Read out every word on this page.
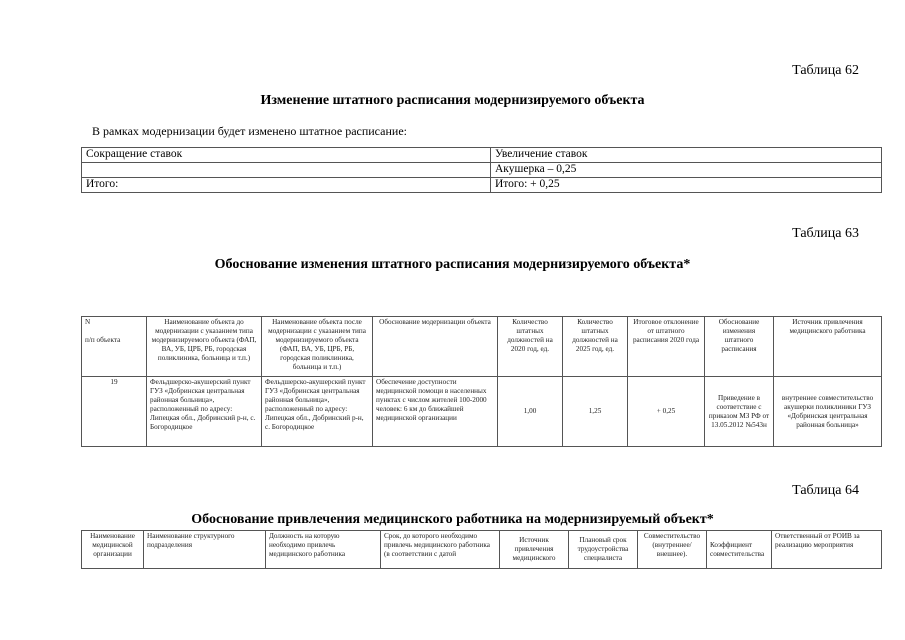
Таблица 62
Изменение штатного расписания модернизируемого объекта
В рамках модернизации будет изменено штатное расписание:
Сокращение ставок	Увеличение ставок
	Акушерка – 0,25
Итого:	Итого: + 0,25
Таблица 63
Обоснование изменения штатного расписания модернизируемого объекта*
N

п/п объекта	Наименование объекта до модернизации с указанием типа модернизируемого объекта (ФАП, ВА, УБ, ЦРБ, РБ, городская поликлиника, больница и т.п.)	Наименование объекта после модернизации с указанием типа модернизируемого объекта (ФАП, ВА, УБ, ЦРБ, РБ, городская поликлиника, больница и т.п.)	Обоснование модернизации объекта	Количество штатных должностей на 2020 год, ед.	Количество штатных должностей на 2025 год, ед.	Итоговое отклонение от штатного расписания 2020 года	Обоснование изменения штатного расписания	Источник привлечения медицинского работника
19	Фельдшерско-акушерский пункт ГУЗ «Добринская центральная районная больница», расположенный по адресу: Липецкая обл., Добринский р-н, с. Богородицкое	Фельдшерско-акушерский пункт ГУЗ «Добринская центральная районная больница», расположенный по адресу: Липецкая обл., Добринский р-н, с. Богородицкое	Обеспечение доступности медицинской помощи в населенных пунктах с числом жителей 100-2000 человек: 6 км до ближайшей медицинской организации	1,00	1,25	+ 0,25	Приведение в соответствие с приказом МЗ РФ от 13.05.2012 №543н	внутреннее совместительство акушерки поликлиники ГУЗ «Добринская центральная районная больница»
Таблица 64
Обоснование привлечения медицинского работника на модернизируемый объект*
Наименование медицинской организации	Наименование структурного подразделения	Должность на которую необходимо привлечь медицинского работника	Срок, до которого необходимо привлечь медицинского работника (в соответствии с датой	Источник привлечения медицинского	Плановый срок трудоустройства специалиста	Совместительство (внутреннее/внешнее).	Коэффициент совместительства	Ответственный от РОИВ за реализацию мероприятия
